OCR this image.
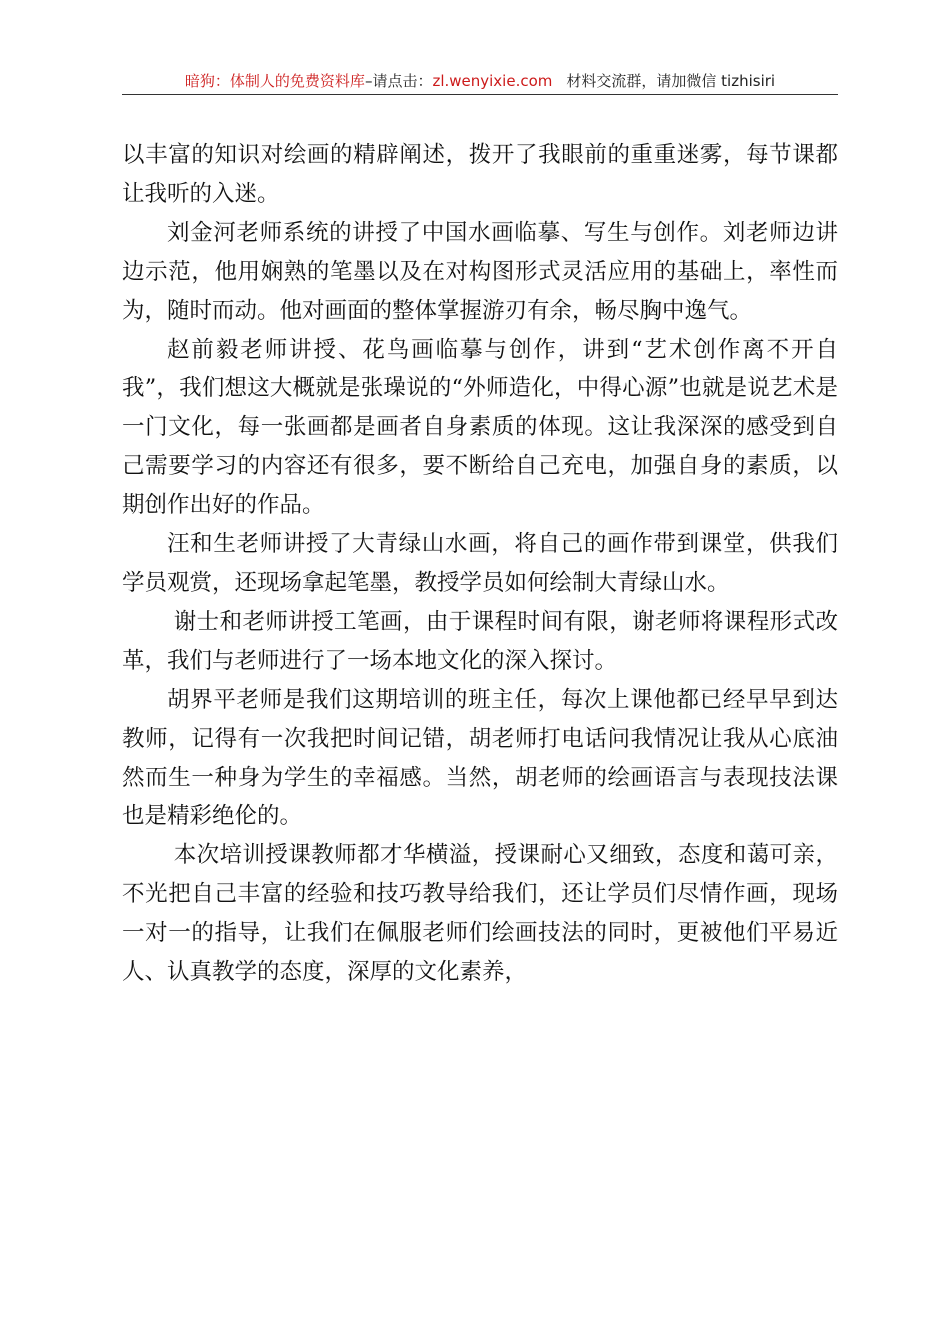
暗狗：体制人的免费资料库–请点击：zl.wenyixie.com 材料交流群，请加微信 tizhisiri

以丰富的知识对绘画的精辟阐述，拨开了我眼前的重重迷雾，每节课都让我听的入迷。

刘金河老师系统的讲授了中国水画临摹、写生与创作。刘老师边讲边示范，他用娴熟的笔墨以及在对构图形式灵活应用的基础上，率性而为，随时而动。他对画面的整体掌握游刃有余，畅尽胸中逸气。

赵前毅老师讲授、花鸟画临摹与创作，讲到“艺术创作离不开自我”，我们想这大概就是张璪说的“外师造化，中得心源”也就是说艺术是一门文化，每一张画都是画者自身素质的体现。这让我深深的感受到自己需要学习的内容还有很多，要不断给自己充电，加强自身的素质，以期创作出好的作品。

汪和生老师讲授了大青绿山水画，将自己的画作带到课堂，供我们学员观赏，还现场拿起笔墨，教授学员如何绘制大青绿山水。

谢士和老师讲授工笔画，由于课程时间有限，谢老师将课程形式改革，我们与老师进行了一场本地文化的深入探讨。

胡界平老师是我们这期培训的班主任，每次上课他都已经早早到达教师，记得有一次我把时间记错，胡老师打电话问我情况让我从心底油然而生一种身为学生的幸福感。当然，胡老师的绘画语言与表现技法课也是精彩绝伦的。

本次培训授课教师都才华横溢，授课耐心又细致，态度和蔼可亲，不光把自己丰富的经验和技巧教导给我们，还让学员们尽情作画，现场一对一的指导，让我们在佩服老师们绘画技法的同时，更被他们平易近人、认真教学的态度，深厚的文化素养，
